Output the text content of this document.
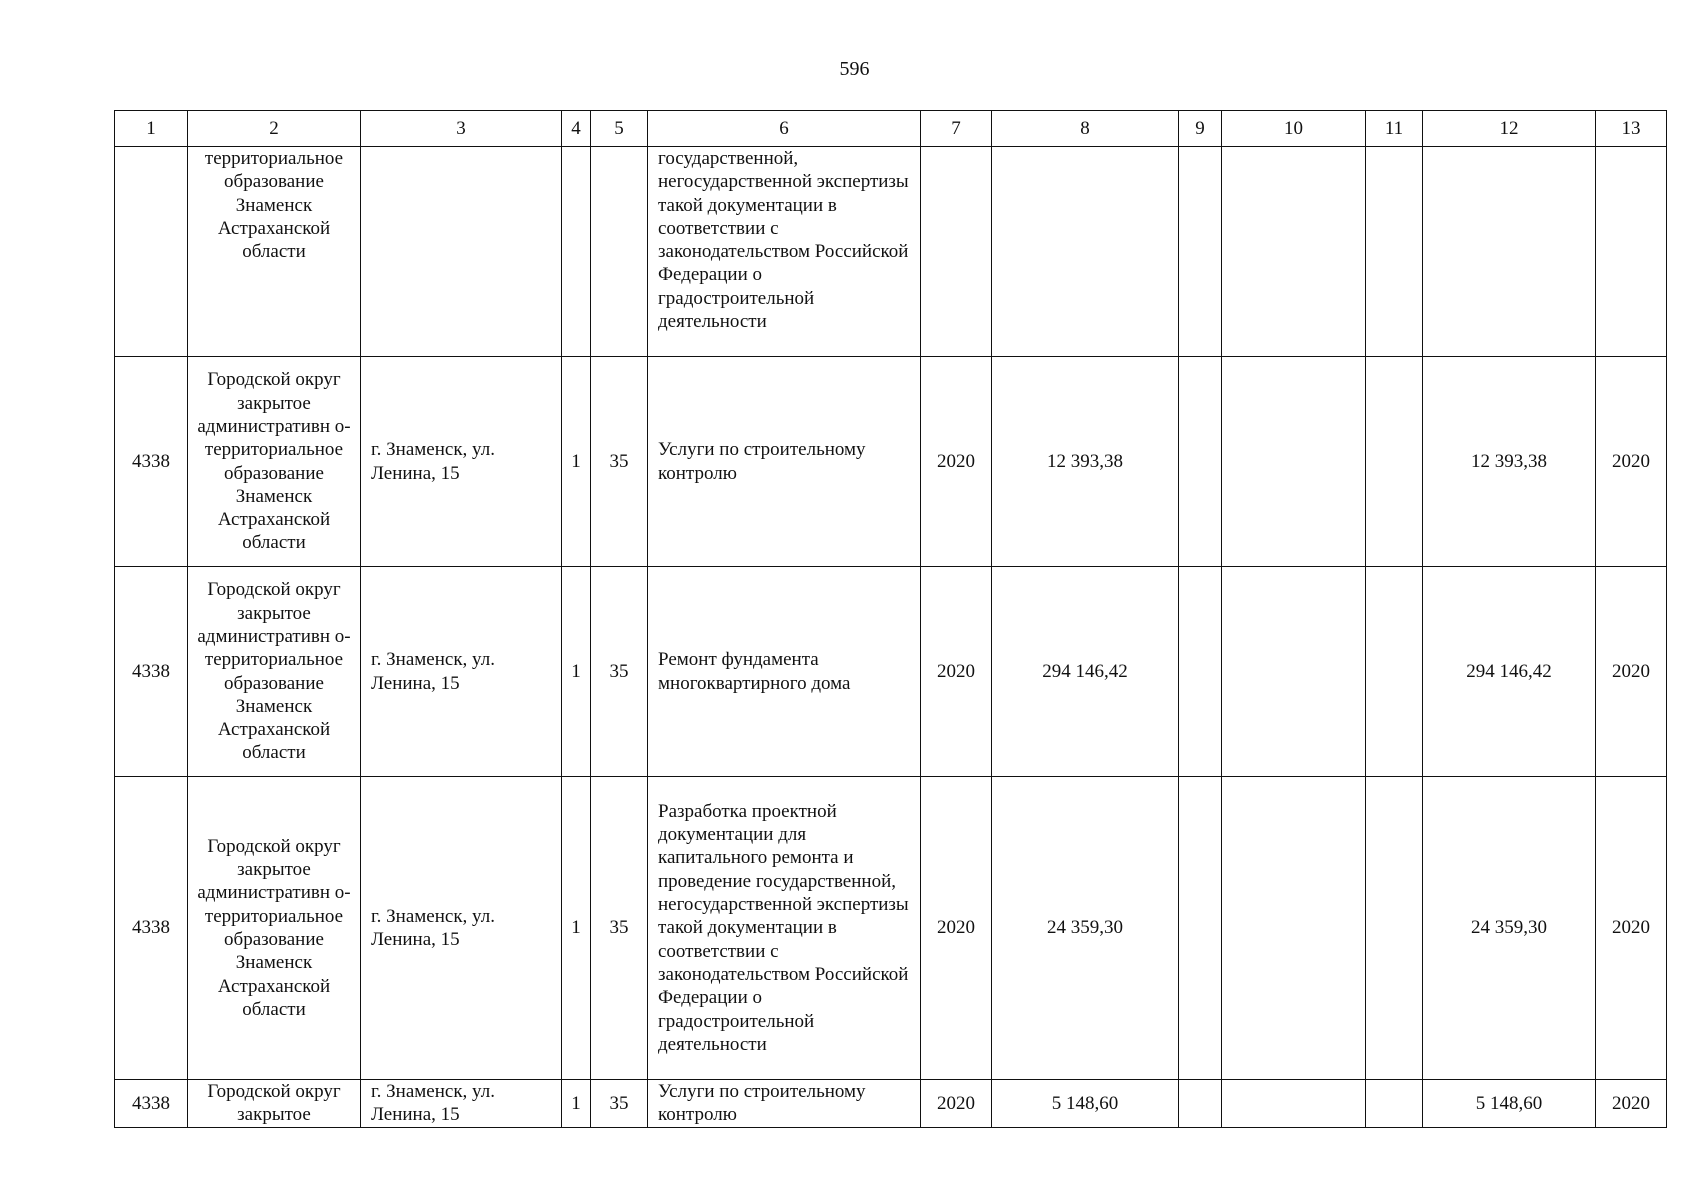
596
1	2	3	4	5	6	7	8	9	10	11	12	13
	территориальное образование Знаменск Астраханской области				государственной, негосударственной экспертизы такой документации в соответствии с законодательством Российской Федерации о градостроительной деятельности							
4338	Городской округ закрытое административн о-территориальное образование Знаменск Астраханской области	г. Знаменск, ул. Ленина, 15	1	35	Услуги по строительному контролю	2020	12 393,38				12 393,38	2020
4338	Городской округ закрытое административн о-территориальное образование Знаменск Астраханской области	г. Знаменск, ул. Ленина, 15	1	35	Ремонт фундамента многоквартирного дома	2020	294 146,42				294 146,42	2020
4338	Городской округ закрытое административн о-территориальное образование Знаменск Астраханской области	г. Знаменск, ул. Ленина, 15	1	35	Разработка проектной документации для капитального ремонта и проведение государственной, негосударственной экспертизы такой документации в соответствии с законодательством Российской Федерации о градостроительной деятельности	2020	24 359,30				24 359,30	2020
4338	Городской округ закрытое	г. Знаменск, ул. Ленина, 15	1	35	Услуги по строительному контролю	2020	5 148,60				5 148,60	2020
